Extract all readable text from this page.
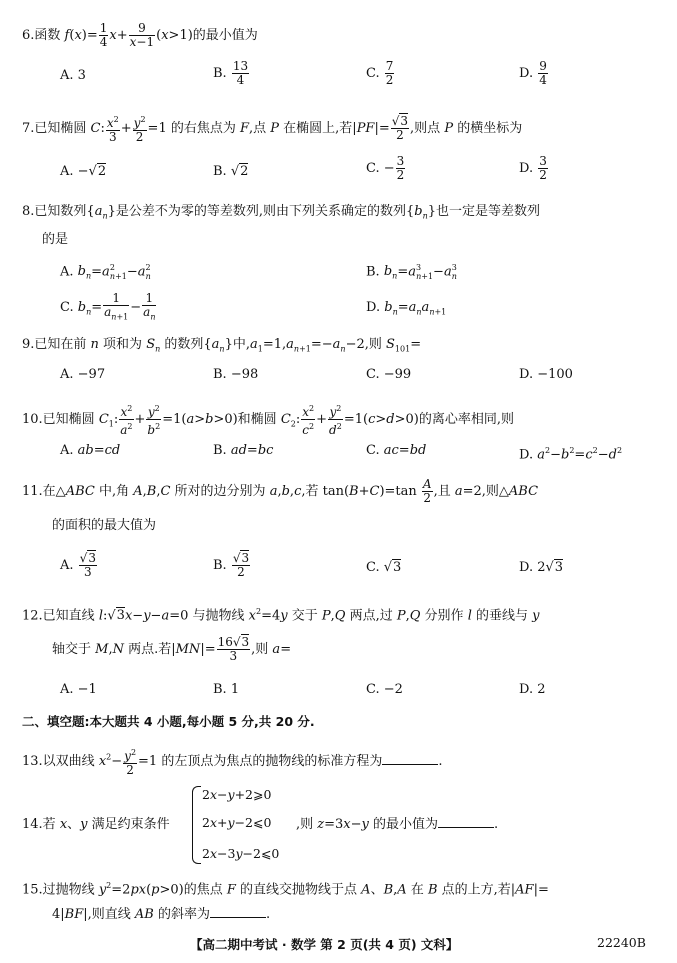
6.函数 $f(x)= \frac{1}{4} x+ \frac{9}{x-1} (x>1)$的最小值为
A. 3	B. $\frac{13}{4}$	C. $\frac{7}{2}$	D. $\frac{9}{4}$
7.已知椭圆 C: $\frac{x^2}{3} + \frac{y^2}{2} =1$ 的右焦点为 F,点 P 在椭圆上,若$|PF|= \frac{√3}{2}$ ,则点 P 的横坐标为
A. −√2	B. √2	C. − $\frac{3}{2}$	D. $\frac{3}{2}$
8.已知数列$\{a_n\}$是公差不为零的等差数列,则由下列关系确定的数列$\{b_n\}$也一定是等差数列
的是
A. $b_n=a^2_{n+1}-a^2_n$	B. $b_n=a^3_{n+1}-a^3_n$
C. $b_n= \frac{1}{a_{n+1}} - \frac{1}{a_n}$	D. $b_n=a_na_{n+1}$
9.已知在前 n 项和为 $S_n$ 的数列$\{a_n\}$中$,a_1=1,a_{n+1}=-a_n-2$,则 $S_{101}=$
A. −97	B. −98	C. −99	D. −100
10.已知椭圆 $C_1$: $\frac{x^2}{a^2} + \frac{y^2}{b^2} =1(a>b>0)$和椭圆 $C_2$: $\frac{x^2}{c^2} + \frac{y^2}{d^2} =1(c>d>0)$的离心率相同,则
A. ab=cd	B. ad=bc	C. ac=bd	D. $a^2-b^2=c^2-d^2$
11.在△ABC 中,角 A,B,C 所对的边分别为 a,b,c,若 $\tan(B+C)=\tan \frac{A}{2}$ ,且 a=2,则△ABC
的面积的最大值为
A. $\frac{√3}{3}$	B. $\frac{√3}{2}$	C. √3	D. 2√3
12.已知直线 l:√3x−y−a=0 与抛物线 $x^2=4y$ 交于 P,Q 两点,过 P,Q 分别作 l 的垂线与 y
轴交于 M,N 两点.若$|MN|= \frac{16√3}{3}$ ,则 a=
A. −1	B. 1	C. −2	D. 2
二、填空题:本大题共 4 小题,每小题 5 分,共 20 分.
13.以双曲线 $x^2- \frac{y^2}{2} =1$ 的左顶点为焦点的抛物线的标准方程为	.
14.若 x、y 满足约束条件
2x−y+2⩾0
2x+y−2⩽0
2x−3y−2⩽0
,则 z=3x−y 的最小值为	.
15.过抛物线 $y^2=2px(p>0)$的焦点 F 的直线交抛物线于点 A、B,A 在 B 点的上方,若|AF|=
4|BF|,则直线 AB 的斜率为	.
【高二期中考试 · 数学 第 2 页(共 4 页) 文科】	22240B
